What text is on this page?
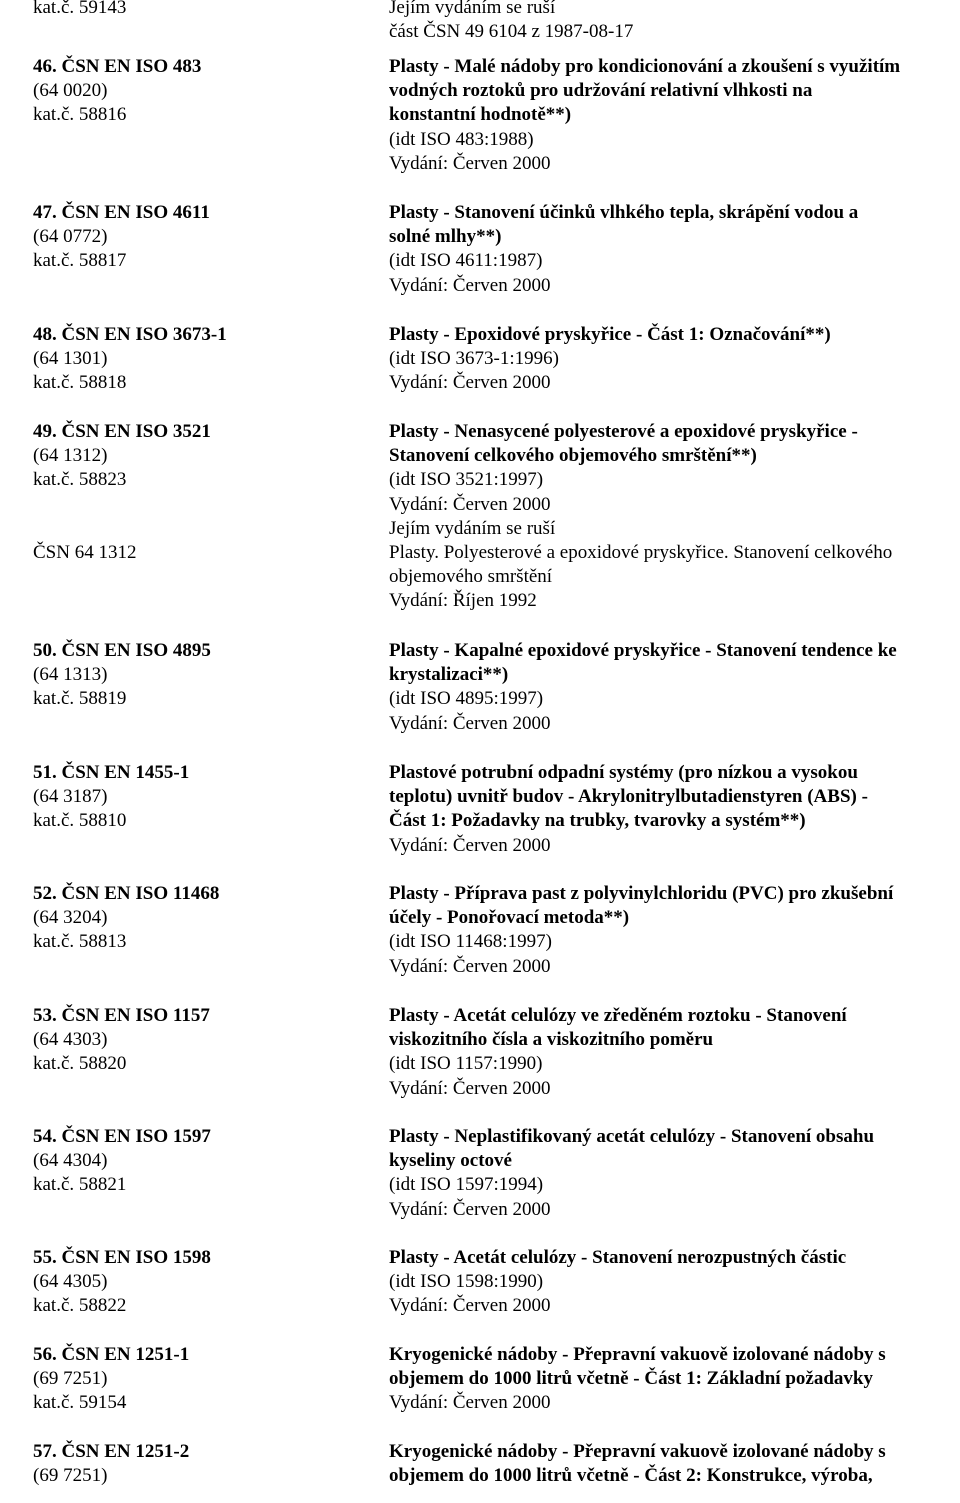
kat.č. 59143	Jejím vydáním se ruší
část ČSN 49 6104 z 1987-08-17
46. ČSN EN ISO 483
(64 0020)
kat.č. 58816
Plasty - Malé nádoby pro kondicionování a zkoušení s využitím
vodných roztoků pro udržování relativní vlhkosti na
konstantní hodnotě**)
(idt ISO 483:1988)
Vydání: Červen 2000
47. ČSN EN ISO 4611
(64 0772)
kat.č. 58817
Plasty - Stanovení účinků vlhkého tepla, skrápění vodou a
solné mlhy**)
(idt ISO 4611:1987)
Vydání: Červen 2000
48. ČSN EN ISO 3673-1
(64 1301)
kat.č. 58818
Plasty - Epoxidové pryskyřice - Část 1: Označování**)
(idt ISO 3673-1:1996)
Vydání: Červen 2000
49. ČSN EN ISO 3521
(64 1312)
kat.č. 58823
ČSN 64 1312
Plasty - Nenasycené polyesterové a epoxidové pryskyřice -
Stanovení celkového objemového smrštění**)
(idt ISO 3521:1997)
Vydání: Červen 2000
Jejím vydáním se ruší
Plasty. Polyesterové a epoxidové pryskyřice. Stanovení celkového
objemového smrštění
Vydání: Říjen 1992
50. ČSN EN ISO 4895
(64 1313)
kat.č. 58819
Plasty - Kapalné epoxidové pryskyřice - Stanovení tendence ke
krystalizaci**)
(idt ISO 4895:1997)
Vydání: Červen 2000
51. ČSN EN 1455-1
(64 3187)
kat.č. 58810
Plastové potrubní odpadní systémy (pro nízkou a vysokou
teplotu) uvnitř budov - Akrylonitrylbutadienstyren (ABS) -
Část 1: Požadavky na trubky, tvarovky a systém**)
Vydání: Červen 2000
52. ČSN EN ISO 11468
(64 3204)
kat.č. 58813
Plasty - Příprava past z polyvinylchloridu (PVC) pro zkušební
účely - Ponořovací metoda**)
(idt ISO 11468:1997)
Vydání: Červen 2000
53. ČSN EN ISO 1157
(64 4303)
kat.č. 58820
Plasty - Acetát celulózy ve zředěném roztoku - Stanovení
viskozitního čísla a viskozitního poměru
(idt ISO 1157:1990)
Vydání: Červen 2000
54. ČSN EN ISO 1597
(64 4304)
kat.č. 58821
Plasty - Neplastifikovaný acetát celulózy - Stanovení obsahu
kyseliny octové
(idt ISO 1597:1994)
Vydání: Červen 2000
55. ČSN EN ISO 1598
(64 4305)
kat.č. 58822
Plasty - Acetát celulózy - Stanovení nerozpustných částic
(idt ISO 1598:1990)
Vydání: Červen 2000
56. ČSN EN 1251-1
(69 7251)
kat.č. 59154
Kryogenické nádoby - Přepravní vakuově izolované nádoby s
objemem do 1000 litrů včetně - Část 1: Základní požadavky
Vydání: Červen 2000
57. ČSN EN 1251-2
(69 7251)
Kryogenické nádoby - Přepravní vakuově izolované nádoby s
objemem do 1000 litrů včetně - Část 2: Konstrukce, výroba,
